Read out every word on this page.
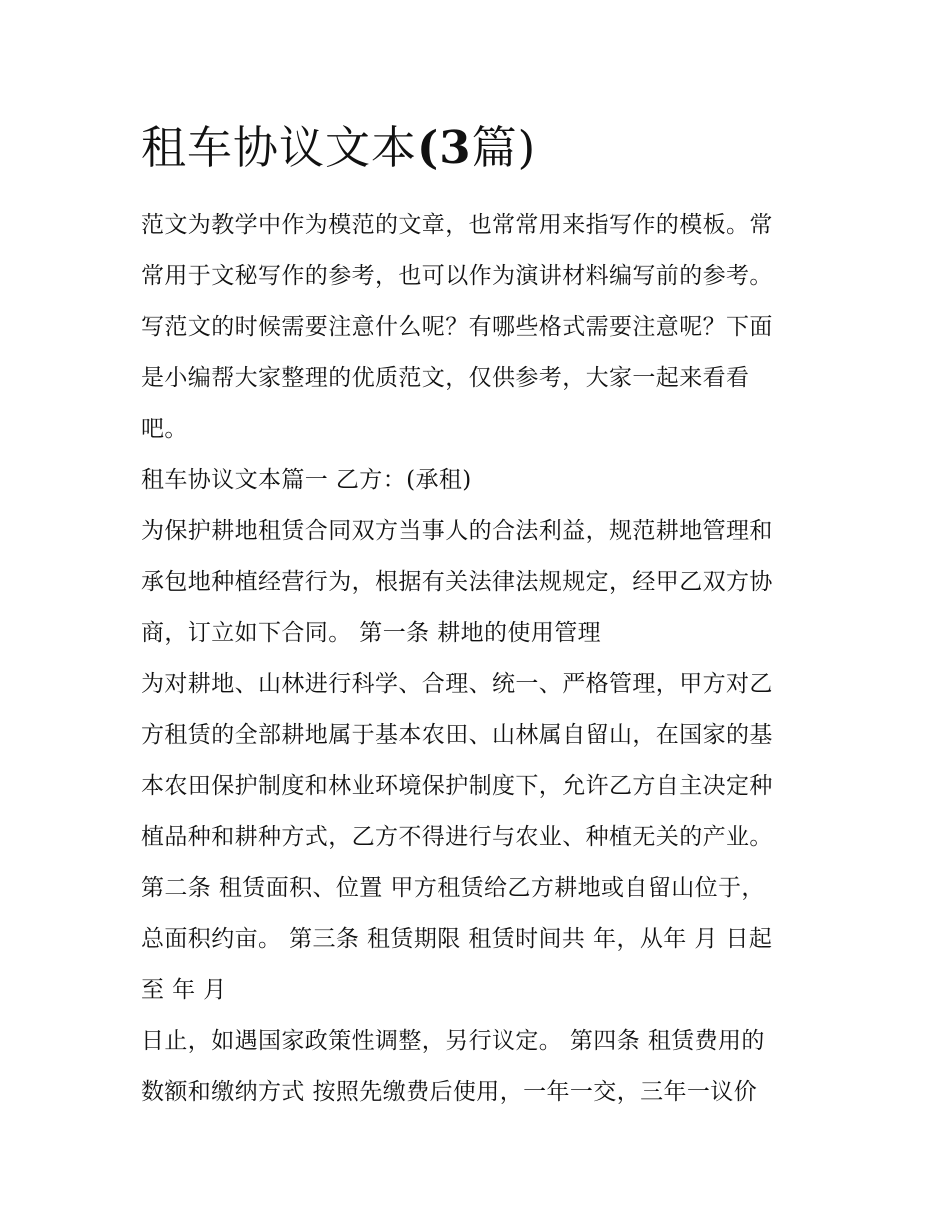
租车协议文本(3篇)
范文为教学中作为模范的文章，也常常用来指写作的模板。常
常用于文秘写作的参考，也可以作为演讲材料编写前的参考。
写范文的时候需要注意什么呢？有哪些格式需要注意呢？下面
是小编帮大家整理的优质范文，仅供参考，大家一起来看看
吧。
租车协议文本篇一 乙方：(承租)
为保护耕地租赁合同双方当事人的合法利益，规范耕地管理和
承包地种植经营行为，根据有关法律法规规定，经甲乙双方协
商，订立如下合同。 第一条 耕地的使用管理
为对耕地、山林进行科学、合理、统一、严格管理，甲方对乙
方租赁的全部耕地属于基本农田、山林属自留山，在国家的基
本农田保护制度和林业环境保护制度下，允许乙方自主决定种
植品种和耕种方式，乙方不得进行与农业、种植无关的产业。
第二条 租赁面积、位置 甲方租赁给乙方耕地或自留山位于，
总面积约亩。 第三条 租赁期限 租赁时间共 年，从年 月 日起
至 年 月
日止，如遇国家政策性调整，另行议定。 第四条 租赁费用的
数额和缴纳方式 按照先缴费后使用，一年一交，三年一议价
